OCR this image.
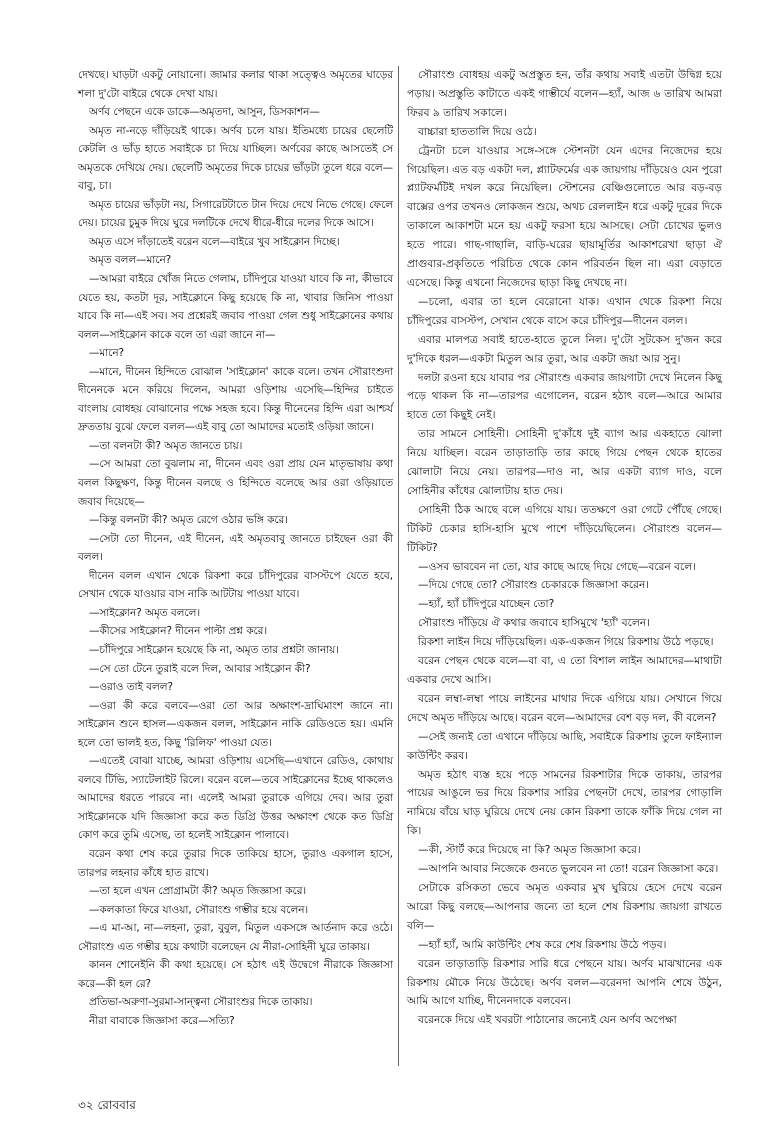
দেখছে। ঘাড়টা একটু নোয়ানো। জামার কলার থাকা সত্ত্বেও অমৃতের ঘাড়ের শলা দু'টো বাইরে থেকে দেখা যায়।

অর্ণব পেছনে একে ডাকে—অমৃতদা, আসুন, ডিসকাশন—

অমৃত না-নড়ে দাঁড়িয়েই থাকে। অর্ণব চলে যায়। ইতিমধ্যে চায়ের ছেলেটি কেটলি ও ভাঁড় হাতে সবাইকে চা দিয়ে যাচ্ছিল। অর্ণবের কাছে আসতেই সে অমৃতকে দেখিয়ে দেয়। ছেলেটি অমৃতের দিকে চায়ের ভাঁড়টা তুলে ধরে বলে—বাবু, চা।

অমৃত চায়ের ভাঁড়টা নয়, সিগারেটটাতে টান দিয়ে দেখে নিভে গেছে। ফেলে দেয়। চায়ের চুমুক দিয়ে ঘুরে দলটিকে দেখে ধীরে-ধীরে দলের দিকে আসে।

অমৃত এসে দাঁড়াতেই বরেন বলে—বাইরে খুব সাইক্লোন দিচ্ছে।

অমৃত বলল—মানে?

—আমরা বাইরে খোঁজ নিতে গেলাম, চাঁদিপুরে যাওয়া যাবে কি না, কীভাবে যেতে হয়, কতটা দূর, সাইক্লোনে কিছু হয়েছে কি না, খাবার জিনিস পাওয়া যাবে কি না—এই সব। সব প্রশ্নেরই জবাব পাওয়া গেল শুধু সাইক্লোনের কথায় বলল—সাইক্লোন কাকে বলে তা এরা জানে না—

—মানে?

—মানে, দীনেন হিন্দিতে বোঝাল 'সাইক্লোন' কাকে বলে। তখন সৌরাংশুদা দীনেনকে মনে করিয়ে দিলেন, আমরা ওড়িশায় এসেছি—হিন্দির চাইতে বাংলায় বোধহয় বোঝানোর পক্ষে সহজ হবে। কিন্তু দীনেনের হিন্দি এরা আশ্চর্য দ্রুততায় বুঝে ফেলে বলল—এই বাবু তো আমাদের মতোই ওড়িয়া জানে।

—তা বলনটা কী? অমৃত জানতে চায়।

—সে আমরা তো বুঝলাম না, দীনেন এবং ওরা প্রায় যেন মাতৃভাষায় কথা বলল কিছুক্ষণ, কিন্তু দীনেন বলছে ও হিন্দিতে বলেছে আর ওরা ওড়িয়াতে জবাব দিয়েছে—

—কিন্তু বলনটা কী? অমৃত রেগে ওঠার ভঙ্গি করে।

—সেটা তো দীনেন, এই দীনেন, এই অমৃতবাবু জানতে চাইছেন ওরা কী বলল।

দীনেন বলল এখান থেকে রিকশা করে চাঁদিপুরের বাসস্টপে যেতে হবে, সেখান থেকে যাওয়ার বাস নাকি আটটায় পাওয়া যাবে।

—সাইক্লোন? অমৃত বললে।

—কীসের সাইক্লোন? দীনেন পাল্টা প্রশ্ন করে।

—চাঁদিপুরে সাইক্লোন হয়েছে কি না, অমৃত তার প্রশ্নটা জানায়।

—সে তো টেনে তুরাই বলে দিল, আবার সাইক্লোন কী?

—ওরাও তাই বলল?

—ওরা কী করে বলবে—ওরা তো আর অক্ষাংশ-দ্রাঘিমাংশ জানে না। সাইক্লোন শুনে হাসল—একজন বলল, সাইক্লোন নাকি রেডিওতে হয়। এমনি হলে তো ভালই হত, কিছু 'রিলিফ' পাওয়া যেত।

—এতেই বোঝা যাচ্ছে, আমরা ওড়িশায় এসেছি—এখানে রেডিও, কোথায় বলবে টিভি, স্যাটেলাইট রিলে। বরেন বলে—তবে সাইক্লোনের ইচ্ছে থাকলেও আমাদের ধরতে পারবে না। এলেই আমরা তুরাকে এগিয়ে দেব। আর তুরা সাইক্লোনকে যদি জিজ্ঞাসা করে কত ডিগ্রি উত্তর অক্ষাংশ থেকে কত ডিগ্রি কোণ করে তুমি এসেছ, তা হলেই সাইক্লোন পালাবে।

বরেন কথা শেষ করে তুরার দিকে তাকিয়ে হাসে, তুরাও একগাল হাসে, তারপর লহনার কাঁধে হাত রাখে।

—তা হলে এখন প্রোগ্রামটা কী? অমৃত জিজ্ঞাসা করে।

—কলকাতা ফিরে যাওয়া, সৌরাংশু গম্ভীর হয়ে বলেন।

—এ মা-আ, না—লহনা, তুরা, বুবুল, মিতুল একসঙ্গে আর্তনাদ করে ওঠে। সৌরাংশু এত গম্ভীর হয়ে কথাটা বলেছেন যে নীরা-সোহিনী ঘুরে তাকায়।

কানন শোনেইনি কী কথা হয়েছে। সে হঠাৎ এই উদ্বেগে নীরাকে জিজ্ঞাসা করে—কী হল রে?

প্রতিভা-অরুণা-সুরমা-সান্ত্বনা সৌরাংশুর দিকে তাকায়।

নীরা বাবাকে জিজ্ঞাসা করে—সত্যি?

সৌরাংশু বোধহয় একটু অপ্রস্তুত হন, তাঁর কথায় সবাই এতটা উদ্বিগ্ন হয়ে পড়ায়। অপ্রস্তুতি কাটাতে একই গাম্ভীর্যে বলেন—হ্যাঁ, আজ ৬ তারিখ আমরা ফিরব ৯ তারিখ সকালে।

বাচ্চারা হাততালি দিয়ে ওঠে।

ট্রেনটা চলে যাওয়ার সঙ্গে-সঙ্গে স্টেশনটা যেন এদের নিজেদের হয়ে গিয়েছিল। এত বড় একটা দল, প্ল্যাটফর্মের এক জায়গায় দাঁড়িয়েও যেন পুরো প্ল্যাটফর্মটিই দখল করে নিয়েছিল। স্টেশনের বেঞ্চিগুলোতে আর বড়-বড় বাক্সের ওপর তখনও লোকজন শুয়ে, অথচ রেললাইন ধরে একটু দূরের দিকে তাকালে আকাশটা মনে হয় একটু ফরসা হয়ে আসছে। সেটা চোখের ভুলও হতে পারে। গাছ-গাছালি, বাড়ি-ঘরের ছায়ামূর্তির আকাশরেখা ছাড়া ঐ প্রাগুবার-প্রকৃতিতে পরিচিত থেকে কোন পরিবর্তন ছিল না। এরা বেড়াতে এসেছে। কিন্তু এখনো নিজেদের ছাড়া কিছু দেখছে না।

—চলো, এবার তা হলে বেরোনো যাক। এখান থেকে রিকশা নিয়ে চাঁদিপুরের বাসস্টপ, সেখান থেকে বাসে করে চাঁদিপুর—দীনেন বলল।

এবার মালপত্র সবাই হাতে-হাতে তুলে নিল। দু'টো সুটকেস দু'জন করে দু'দিকে ধরল—একটা মিতুল আর তুরা, আর একটা জয়া আর সুনু।

দলটা রওনা হয়ে যাবার পর সৌরাংশু একবার জায়গাটা দেখে নিলেন কিছু পড়ে থাকল কি না—তারপর এগোলেন, বরেন হঠাৎ বলে—আরে আমার হাতে তো কিছুই নেই।

তার সামনে সোহিনী। সোহিনী দু'কাঁধে দুই ব্যাগ আর একহাতে ঝোলা নিয়ে যাচ্ছিল। বরেন তাড়াতাড়ি তার কাছে গিয়ে পেছন থেকে হাতের ঝোলাটা নিয়ে নেয়। তারপর—দাও না, আর একটা ব্যাগ দাও, বলে সোহিনীর কাঁধের ঝোলাটায় হাত দেয়।

সোহিনী ঠিক আছে বলে এগিয়ে যায়। ততক্ষণে ওরা গেটে পৌঁছে গেছে। টিকিট চেকার হাসি-হাসি মুখে পাশে দাঁড়িয়েছিলেন। সৌরাংশু বলেন—টিকিট?

—ওসব ভাববেন না তো, যার কাছে আছে দিয়ে গেছে—বরেন বলে।

—দিয়ে গেছে তো? সৌরাংশু চেকারকে জিজ্ঞাসা করেন।

—হ্যাঁ, হ্যাঁ চাঁদিপুরে যাচ্ছেন তো?

সৌরাংশু দাঁড়িয়ে ঐ কথার জবাবে হাসিমুখে 'হ্যাঁ' বলেন।

রিকশা লাইন দিয়ে দাঁড়িয়েছিল। এক-একজন গিয়ে রিকশায় উঠে পড়ছে।

বরেন পেছন থেকে বলে—বা বা, এ তো বিশাল লাইন আমাদের—মাথাটা একবার দেখে আসি।

বরেন লম্বা-লম্বা পায়ে লাইনের মাথার দিকে এগিয়ে যায়। সেখানে গিয়ে দেখে অমৃত দাঁড়িয়ে আছে। বরেন বলে—আমাদের বেশ বড় দল, কী বলেন?

—সেই জন্যই তো এখানে দাঁড়িয়ে আছি, সবাইকে রিকশায় তুলে ফাইন্যাল কাউন্টিং করব।

অমৃত হঠাৎ ব্যস্ত হয়ে পড়ে সামনের রিকশাটার দিকে তাকায়, তারপর পায়ের আঙুলে ভর দিয়ে রিকশার সারির পেছনটা দেখে, তারপর গোড়ালি নামিয়ে বাঁয়ে ঘাড় ঘুরিয়ে দেখে নেয় কোন রিকশা তাকে ফাঁকি দিয়ে গেল না কি।

—কী, স্টার্ট করে দিয়েছে না কি? অমৃত জিজ্ঞাসা করে।

—আপনি আবার নিজেকে গুনতে ভুলবেন না তো! বরেন জিজ্ঞাসা করে।

সেটাকে রসিকতা ভেবে অমৃত একবার মুখ ঘুরিয়ে হেসে দেখে বরেন আরো কিছু বলছে—আপনার জন্যে তা হলে শেষ রিকশায় জায়গা রাখতে বলি—

—হ্যাঁ হ্যাঁ, আমি কাউন্টিং শেষ করে শেষ রিকশায় উঠে পড়ব।

বরেন তাড়াতাড়ি রিকশার সারি ধরে পেছনে যায়। অর্ণব মাঝখানের এক রিকশায় মৌকে নিয়ে উঠেছে। অর্ণব বলল—বরেনদা আপনি শেষে উঠুন, আমি আগে যাচ্ছি, দীনেনদাকে বলবেন।

বরেনকে দিয়ে এই খবরটা পাঠানোর জন্যেই যেন অর্ণব অপেক্ষা

৩২ রোববার
